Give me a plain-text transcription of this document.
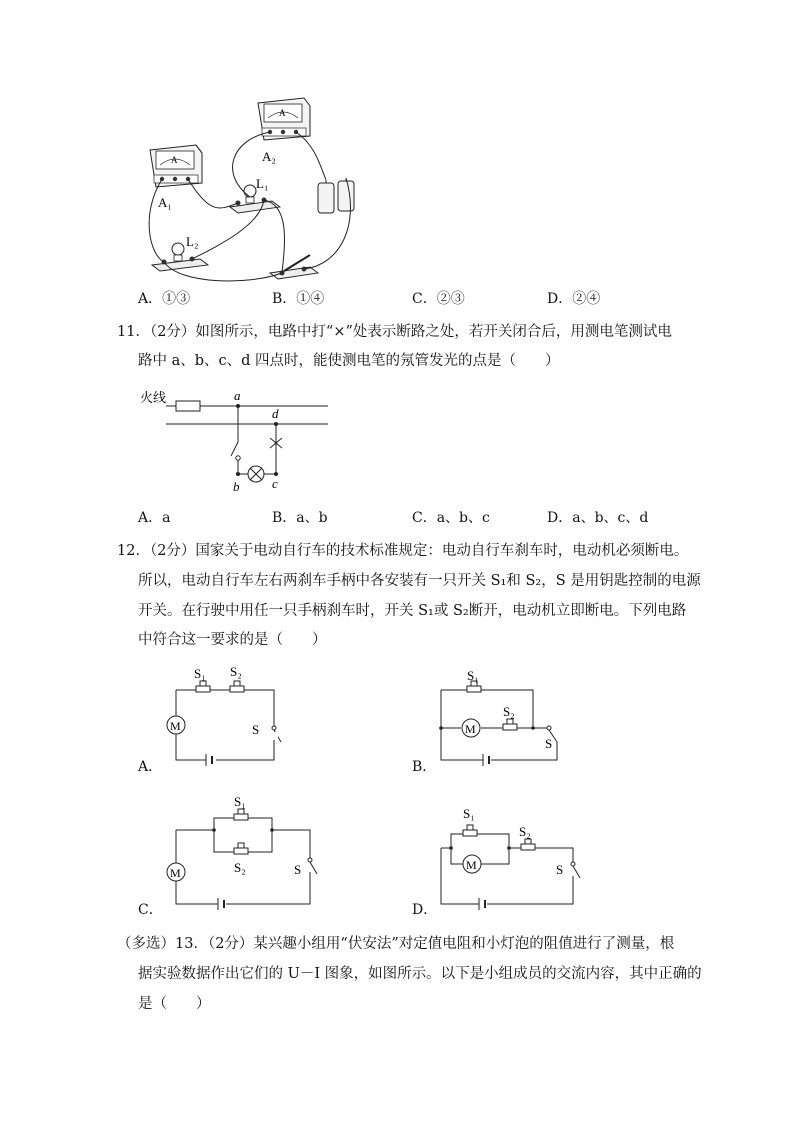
A
A₁
A
A₂
L₁
L₂
A．①③	B．①④	C．②③	D．②④
11．（2分）如图所示，电路中打“×”处表示断路之处，若开关闭合后，用测电笔测试电
路中 a、b、c、d 四点时，能使测电笔的氖管发光的点是（　　）
火线	a
b	c
d
A．a	B．a、b	C．a、b、c	D．a、b、c、d
12．（2分）国家关于电动自行车的技术标准规定：电动自行车刹车时，电动机必须断电。
所以，电动自行车左右两刹车手柄中各安装有一只开关 S₁和 S₂，S 是用钥匙控制的电源
开关。在行驶中用任一只手柄刹车时，开关 S₁或 S₂断开，电动机立即断电。下列电路
中符合这一要求的是（　　）
M
S₁ S₂
S
A．
M
S₁
S₂
S
B．
S₁
S₂
M	S
C．
M
S₁
S₂
S
D．
（多选）13．（2分）某兴趣小组用“伏安法”对定值电阻和小灯泡的阻值进行了测量，根
据实验数据作出它们的 U－I 图象，如图所示。以下是小组成员的交流内容，其中正确的
是（　　）
